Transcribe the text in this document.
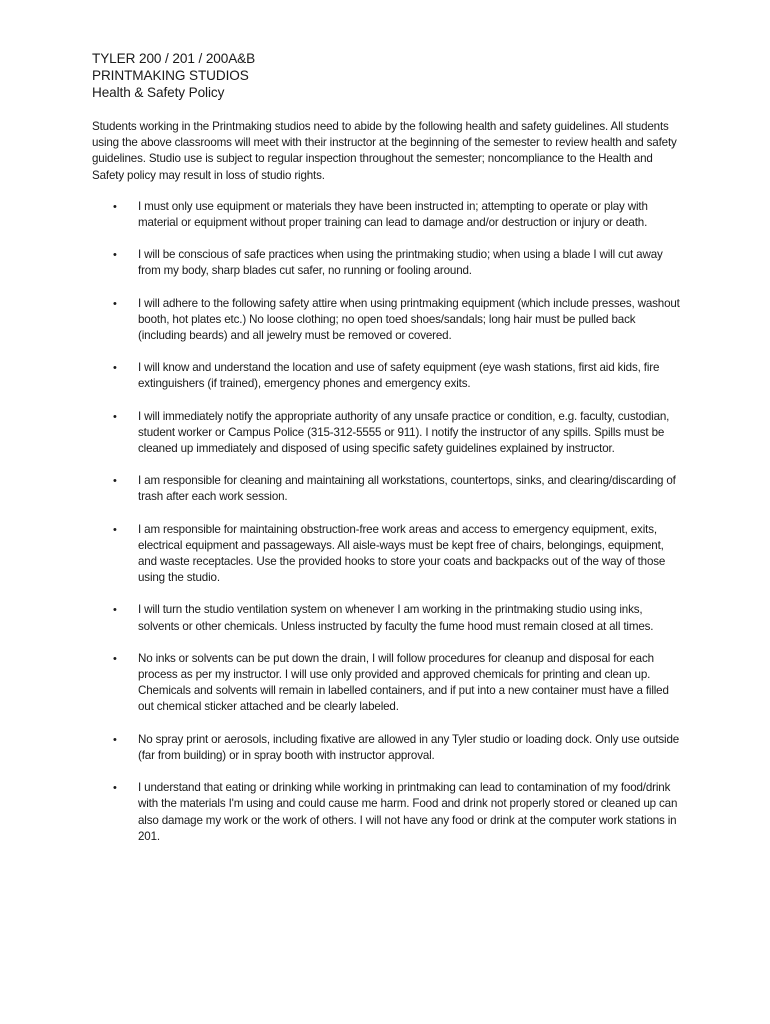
TYLER 200 / 201 / 200A&B

PRINTMAKING STUDIOS

Health & Safety Policy

Students working in the Printmaking studios need to abide by the following health and safety guidelines. All students using the above classrooms will meet with their instructor at the beginning of the semester to review health and safety guidelines. Studio use is subject to regular inspection throughout the semester; noncompliance to the Health and Safety policy may result in loss of studio rights.
• I must only use equipment or materials they have been instructed in; attempting to operate or play with material or equipment without proper training can lead to damage and/or destruction or injury or death.
• I will be conscious of safe practices when using the printmaking studio; when using a blade I will cut away from my body, sharp blades cut safer, no running or fooling around.
• I will adhere to the following safety attire when using printmaking equipment (which include presses, washout booth, hot plates etc.) No loose clothing; no open toed shoes/sandals; long hair must be pulled back (including beards) and all jewelry must be removed or covered.
• I will know and understand the location and use of safety equipment (eye wash stations, first aid kids, fire extinguishers (if trained), emergency phones and emergency exits.
• I will immediately notify the appropriate authority of any unsafe practice or condition, e.g. faculty, custodian, student worker or Campus Police (315-312-5555 or 911). I notify the instructor of any spills. Spills must be cleaned up immediately and disposed of using specific safety guidelines explained by instructor.
• I am responsible for cleaning and maintaining all workstations, countertops, sinks, and clearing/discarding of trash after each work session.
• I am responsible for maintaining obstruction-free work areas and access to emergency equipment, exits, electrical equipment and passageways. All aisle-ways must be kept free of chairs, belongings, equipment, and waste receptacles. Use the provided hooks to store your coats and backpacks out of the way of those using the studio.
• I will turn the studio ventilation system on whenever I am working in the printmaking studio using inks, solvents or other chemicals. Unless instructed by faculty the fume hood must remain closed at all times.
• No inks or solvents can be put down the drain, I will follow procedures for cleanup and disposal for each process as per my instructor. I will use only provided and approved chemicals for printing and clean up. Chemicals and solvents will remain in labelled containers, and if put into a new container must have a filled out chemical sticker attached and be clearly labeled.
• No spray print or aerosols, including fixative are allowed in any Tyler studio or loading dock. Only use outside (far from building) or in spray booth with instructor approval.
• I understand that eating or drinking while working in printmaking can lead to contamination of my food/drink with the materials I'm using and could cause me harm. Food and drink not properly stored or cleaned up can also damage my work or the work of others. I will not have any food or drink at the computer work stations in 201.
